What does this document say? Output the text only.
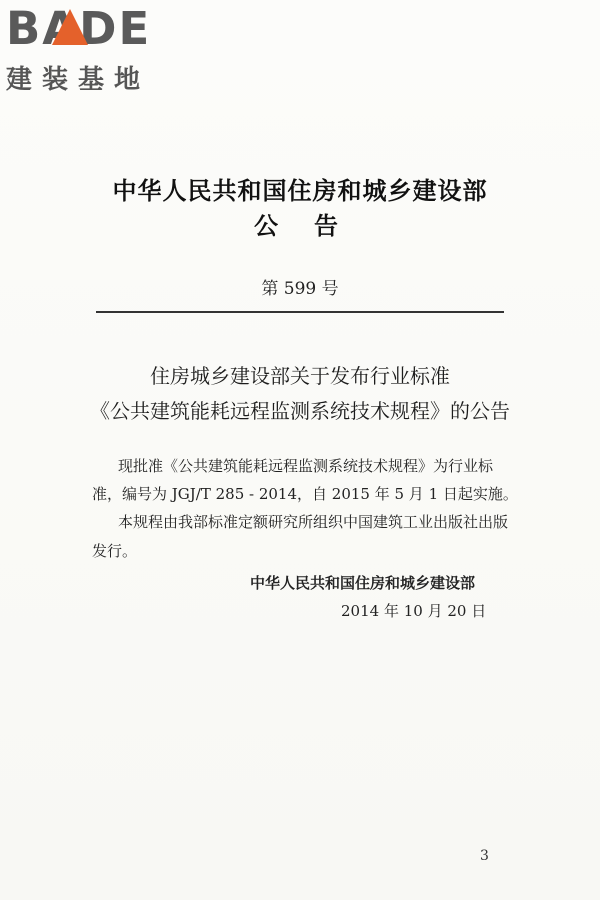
BADE
建装基地
中华人民共和国住房和城乡建设部
公告
第 599 号
住房城乡建设部关于发布行业标准
《公共建筑能耗远程监测系统技术规程》的公告
现批准《公共建筑能耗远程监测系统技术规程》为行业标
准，编号为 JGJ/T 285 - 2014，自 2015 年 5 月 1 日起实施。
本规程由我部标准定额研究所组织中国建筑工业出版社出版
发行。
中华人民共和国住房和城乡建设部
2014 年 10 月 20 日
3
